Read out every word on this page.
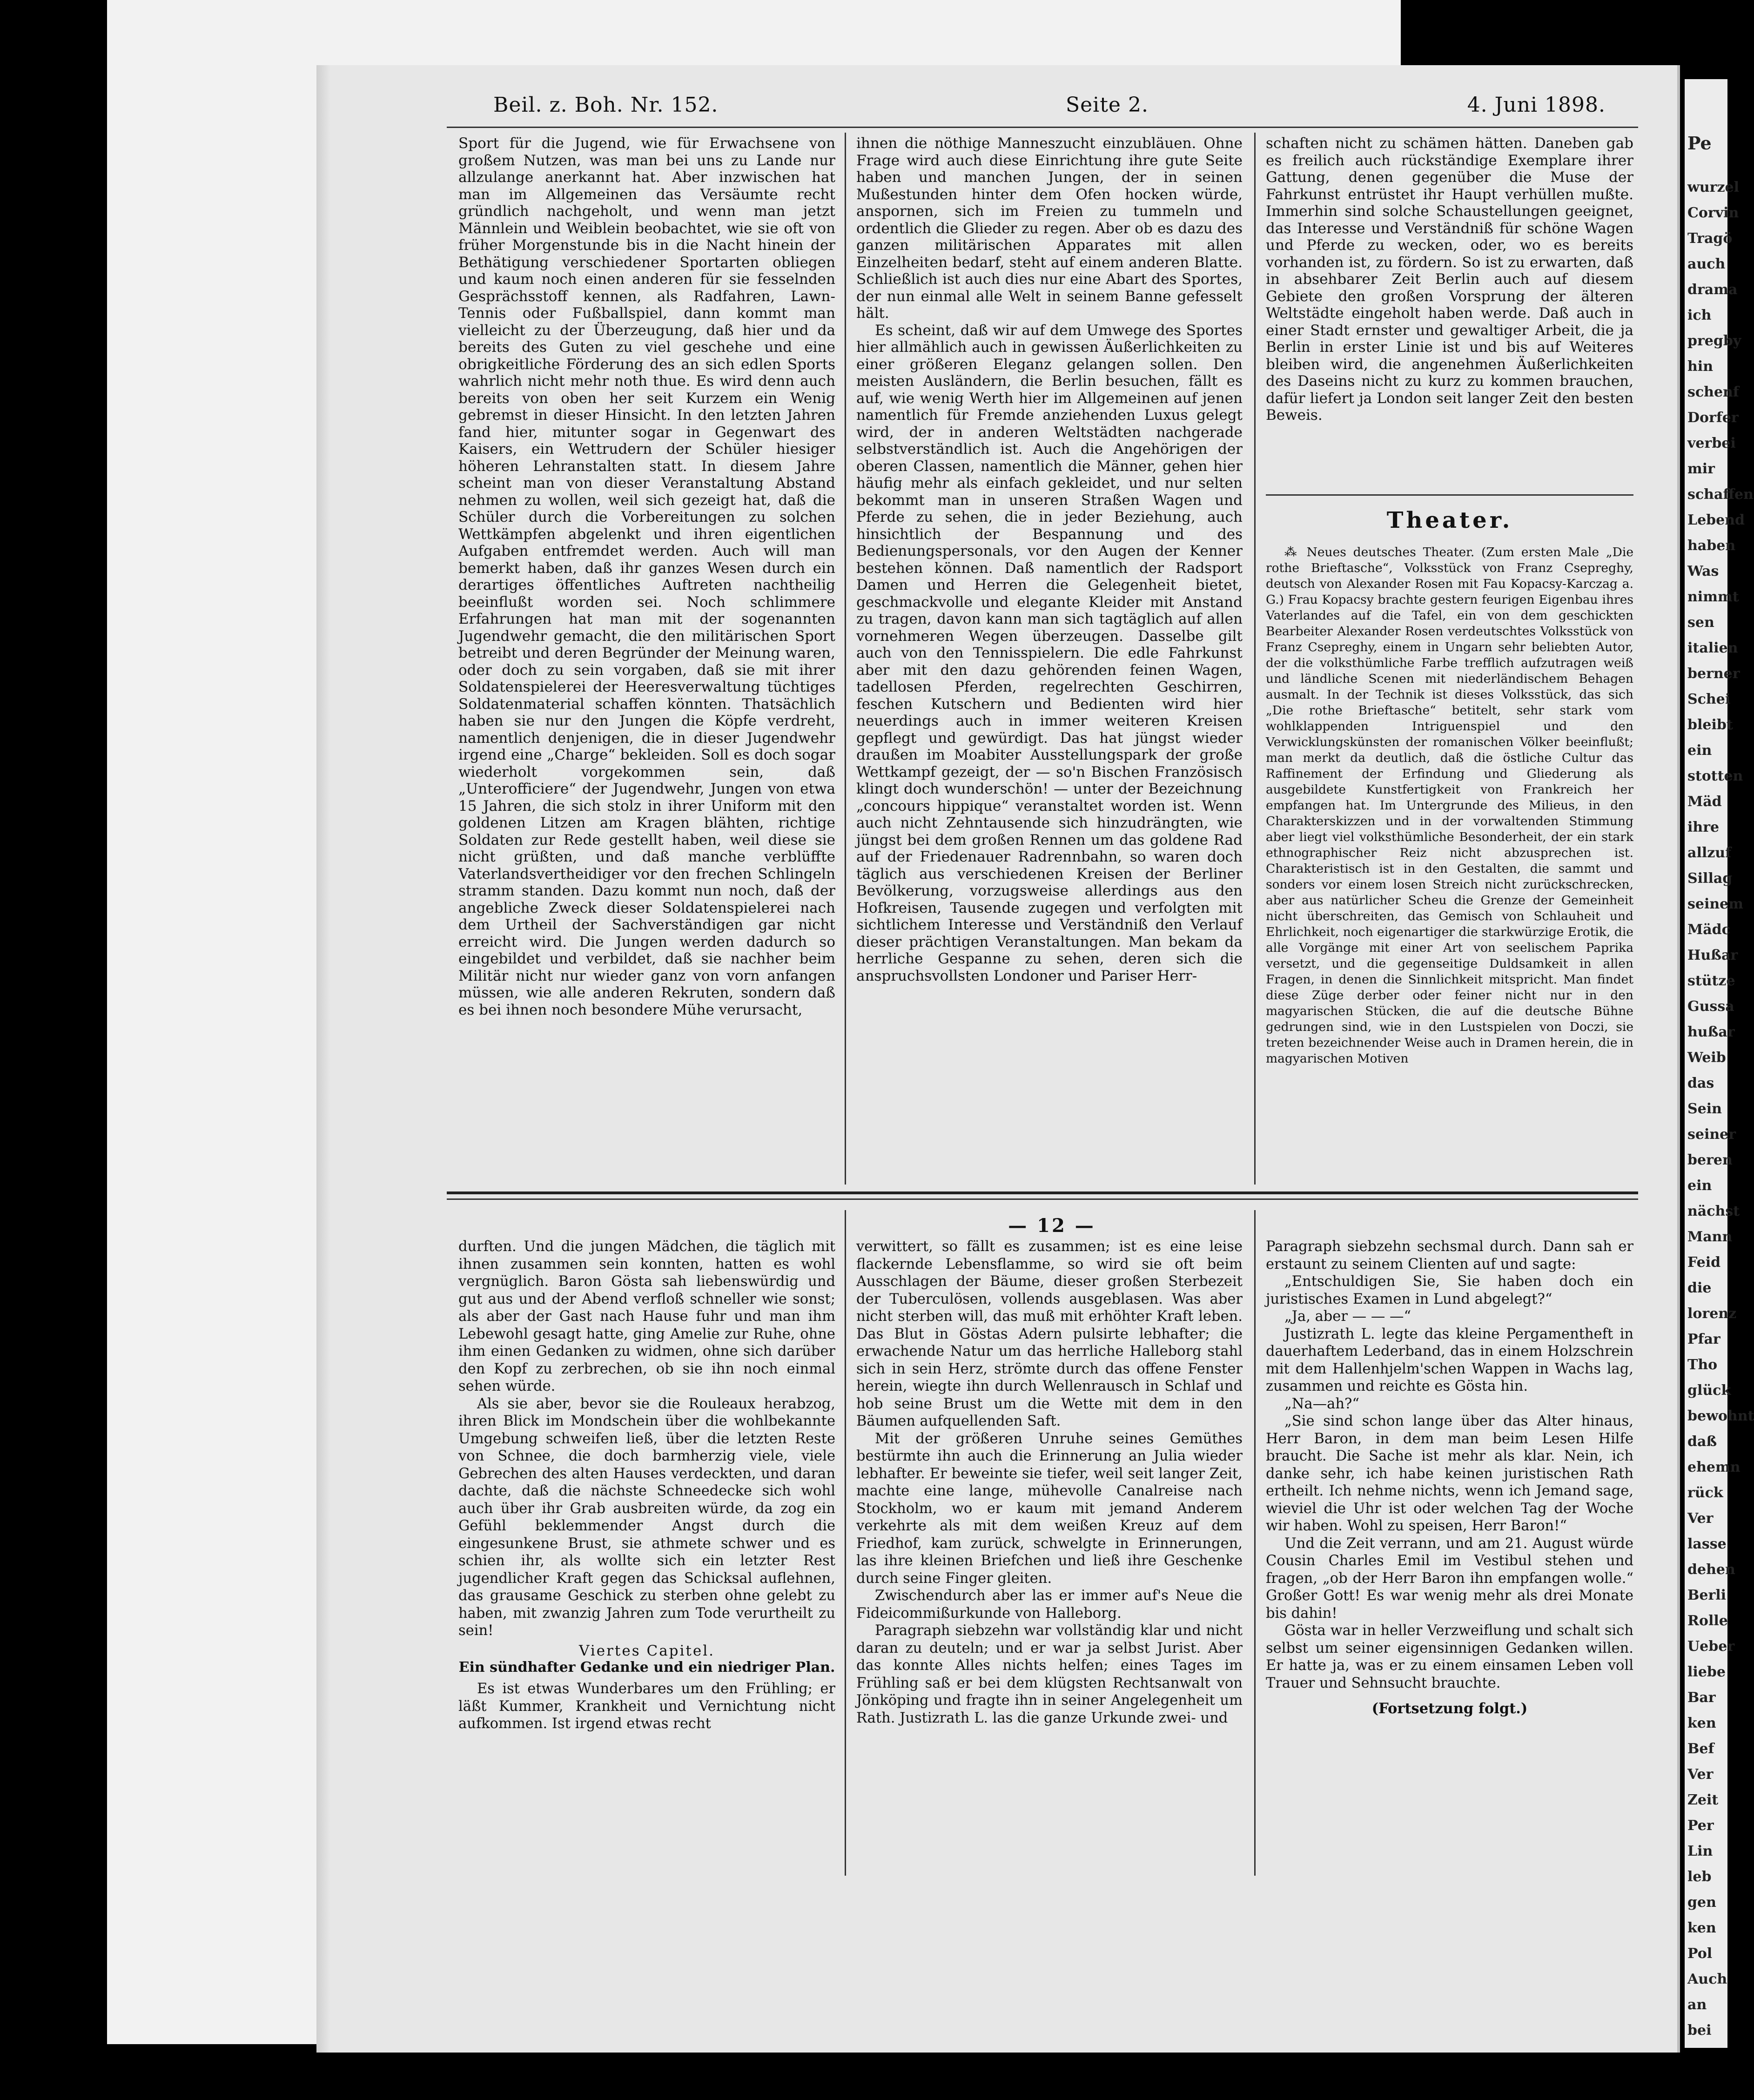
Pe
wurzel
Corvin
Tragö
auch
drama
ich
pregby
hin
schenf
Dorfer
verbei
mir
schaffen
Lebend
haben
Was
nimmt
sen
italien
berner
Schei
bleibt
ein
stotten
Mäd
ihre
allzuf
Sillag
seinem
Mädc
Hußar
stütze
Gussa
hußar
Weib
das
Sein
seiner
beren
ein
nächst
Mann
Feid
die
lorenz
Pfar
Tho
glück
bewohnt
daß
ehemn
rück
Ver
lasse
dehen
Berli
Rolle
Ueber
liebe
Bar
ken
Bef
Ver
Zeit
Per
Lin
leb
gen
ken
Pol
Auch
an
bei
Beil. z. Boh. Nr. 152.	Seite 2.	4. Juni 1898.

Sport für die Jugend, wie für Erwachsene von großem Nutzen, was man bei uns zu Lande nur allzulange anerkannt hat. Aber inzwischen hat man im Allgemeinen das Versäumte recht gründlich nachgeholt, und wenn man jetzt Männlein und Weiblein beobachtet, wie sie oft von früher Morgenstunde bis in die Nacht hinein der Bethätigung verschiedener Sportarten obliegen und kaum noch einen anderen für sie fesselnden Gesprächsstoff kennen, als Radfahren, Lawn-Tennis oder Fußballspiel, dann kommt man vielleicht zu der Überzeugung, daß hier und da bereits des Guten zu viel geschehe und eine obrigkeitliche Förderung des an sich edlen Sports wahrlich nicht mehr noth thue. Es wird denn auch bereits von oben her seit Kurzem ein Wenig gebremst in dieser Hinsicht. In den letzten Jahren fand hier, mitunter sogar in Gegenwart des Kaisers, ein Wettrudern der Schüler hiesiger höheren Lehranstalten statt. In diesem Jahre scheint man von dieser Veranstaltung Abstand nehmen zu wollen, weil sich gezeigt hat, daß die Schüler durch die Vorbereitungen zu solchen Wettkämpfen abgelenkt und ihren eigentlichen Aufgaben entfremdet werden. Auch will man bemerkt haben, daß ihr ganzes Wesen durch ein derartiges öffentliches Auftreten nachtheilig beeinflußt worden sei. Noch schlimmere Erfahrungen hat man mit der sogenannten Jugendwehr gemacht, die den militärischen Sport betreibt und deren Begründer der Meinung waren, oder doch zu sein vorgaben, daß sie mit ihrer Soldatenspielerei der Heeresverwaltung tüchtiges Soldatenmaterial schaffen könnten. Thatsächlich haben sie nur den Jungen die Köpfe verdreht, namentlich denjenigen, die in dieser Jugendwehr irgend eine „Charge“ bekleiden. Soll es doch sogar wiederholt vorgekommen sein, daß „Unterofficiere“ der Jugendwehr, Jungen von etwa 15 Jahren, die sich stolz in ihrer Uniform mit den goldenen Litzen am Kragen blähten, richtige Soldaten zur Rede gestellt haben, weil diese sie nicht grüßten, und daß manche verblüffte Vaterlandsvertheidiger vor den frechen Schlingeln stramm standen. Dazu kommt nun noch, daß der angebliche Zweck dieser Soldatenspielerei nach dem Urtheil der Sachverständigen gar nicht erreicht wird. Die Jungen werden dadurch so eingebildet und verbildet, daß sie nachher beim Militär nicht nur wieder ganz von vorn anfangen müssen, wie alle anderen Rekruten, sondern daß es bei ihnen noch besondere Mühe verursacht,

ihnen die nöthige Manneszucht einzubläuen. Ohne Frage wird auch diese Einrichtung ihre gute Seite haben und manchen Jungen, der in seinen Mußestunden hinter dem Ofen hocken würde, anspornen, sich im Freien zu tummeln und ordentlich die Glieder zu regen. Aber ob es dazu des ganzen militärischen Apparates mit allen Einzelheiten bedarf, steht auf einem anderen Blatte. Schließlich ist auch dies nur eine Abart des Sportes, der nun einmal alle Welt in seinem Banne gefesselt hält.

Es scheint, daß wir auf dem Umwege des Sportes hier allmählich auch in gewissen Äußerlichkeiten zu einer größeren Eleganz gelangen sollen. Den meisten Ausländern, die Berlin besuchen, fällt es auf, wie wenig Werth hier im Allgemeinen auf jenen namentlich für Fremde anziehenden Luxus gelegt wird, der in anderen Weltstädten nachgerade selbstverständlich ist. Auch die Angehörigen der oberen Classen, namentlich die Männer, gehen hier häufig mehr als einfach gekleidet, und nur selten bekommt man in unseren Straßen Wagen und Pferde zu sehen, die in jeder Beziehung, auch hinsichtlich der Bespannung und des Bedienungspersonals, vor den Augen der Kenner bestehen können. Daß namentlich der Radsport Damen und Herren die Gelegenheit bietet, geschmackvolle und elegante Kleider mit Anstand zu tragen, davon kann man sich tagtäglich auf allen vornehmeren Wegen überzeugen. Dasselbe gilt auch von den Tennisspielern. Die edle Fahrkunst aber mit den dazu gehörenden feinen Wagen, tadellosen Pferden, regelrechten Geschirren, feschen Kutschern und Bedienten wird hier neuerdings auch in immer weiteren Kreisen gepflegt und gewürdigt. Das hat jüngst wieder draußen im Moabiter Ausstellungspark der große Wettkampf gezeigt, der — so'n Bischen Französisch klingt doch wunderschön! — unter der Bezeichnung „concours hippique“ veranstaltet worden ist. Wenn auch nicht Zehntausende sich hinzudrängten, wie jüngst bei dem großen Rennen um das goldene Rad auf der Friedenauer Radrennbahn, so waren doch täglich aus verschiedenen Kreisen der Berliner Bevölkerung, vorzugsweise allerdings aus den Hofkreisen, Tausende zugegen und verfolgten mit sichtlichem Interesse und Verständniß den Verlauf dieser prächtigen Veranstaltungen. Man bekam da herrliche Gespanne zu sehen, deren sich die anspruchsvollsten Londoner und Pariser Herr-

schaften nicht zu schämen hätten. Daneben gab es freilich auch rückständige Exemplare ihrer Gattung, denen gegenüber die Muse der Fahrkunst entrüstet ihr Haupt verhüllen mußte. Immerhin sind solche Schaustellungen geeignet, das Interesse und Verständniß für schöne Wagen und Pferde zu wecken, oder, wo es bereits vorhanden ist, zu fördern. So ist zu erwarten, daß in absehbarer Zeit Berlin auch auf diesem Gebiete den großen Vorsprung der älteren Weltstädte eingeholt haben werde. Daß auch in einer Stadt ernster und gewaltiger Arbeit, die ja Berlin in erster Linie ist und bis auf Weiteres bleiben wird, die angenehmen Äußerlichkeiten des Daseins nicht zu kurz zu kommen brauchen, dafür liefert ja London seit langer Zeit den besten Beweis.

Theater.

⁂ Neues deutsches Theater. (Zum ersten Male „Die rothe Brieftasche“, Volksstück von Franz Csepreghy, deutsch von Alexander Rosen mit Fau Kopacsy-Karczag a. G.) Frau Kopacsy brachte gestern feurigen Eigenbau ihres Vaterlandes auf die Tafel, ein von dem geschickten Bearbeiter Alexander Rosen verdeutschtes Volksstück von Franz Csepreghy, einem in Ungarn sehr beliebten Autor, der die volksthümliche Farbe trefflich aufzutragen weiß und ländliche Scenen mit niederländischem Behagen ausmalt. In der Technik ist dieses Volksstück, das sich „Die rothe Brieftasche“ betitelt, sehr stark vom wohlklappenden Intriguenspiel und den Verwicklungskünsten der romanischen Völker beeinflußt; man merkt da deutlich, daß die östliche Cultur das Raffinement der Erfindung und Gliederung als ausgebildete Kunstfertigkeit von Frankreich her empfangen hat. Im Untergrunde des Milieus, in den Charakterskizzen und in der vorwaltenden Stimmung aber liegt viel volksthümliche Besonderheit, der ein stark ethnographischer Reiz nicht abzusprechen ist. Charakteristisch ist in den Gestalten, die sammt und sonders vor einem losen Streich nicht zurückschrecken, aber aus natürlicher Scheu die Grenze der Gemeinheit nicht überschreiten, das Gemisch von Schlauheit und Ehrlichkeit, noch eigenartiger die starkwürzige Erotik, die alle Vorgänge mit einer Art von seelischem Paprika versetzt, und die gegenseitige Duldsamkeit in allen Fragen, in denen die Sinnlichkeit mitspricht. Man findet diese Züge derber oder feiner nicht nur in den magyarischen Stücken, die auf die deutsche Bühne gedrungen sind, wie in den Lustspielen von Doczi, sie treten bezeichnender Weise auch in Dramen herein, die in magyarischen Motiven

— 12 —

durften. Und die jungen Mädchen, die täglich mit ihnen zusammen sein konnten, hatten es wohl vergnüglich. Baron Gösta sah liebenswürdig und gut aus und der Abend verfloß schneller wie sonst; als aber der Gast nach Hause fuhr und man ihm Lebewohl gesagt hatte, ging Amelie zur Ruhe, ohne ihm einen Gedanken zu widmen, ohne sich darüber den Kopf zu zerbrechen, ob sie ihn noch einmal sehen würde.

Als sie aber, bevor sie die Rouleaux herabzog, ihren Blick im Mondschein über die wohlbekannte Umgebung schweifen ließ, über die letzten Reste von Schnee, die doch barmherzig viele, viele Gebrechen des alten Hauses verdeckten, und daran dachte, daß die nächste Schneedecke sich wohl auch über ihr Grab ausbreiten würde, da zog ein Gefühl beklemmender Angst durch die eingesunkene Brust, sie athmete schwer und es schien ihr, als wollte sich ein letzter Rest jugendlicher Kraft gegen das Schicksal auflehnen, das grausame Geschick zu sterben ohne gelebt zu haben, mit zwanzig Jahren zum Tode verurtheilt zu sein!

Viertes Capitel.
Ein sündhafter Gedanke und ein niedriger Plan.

Es ist etwas Wunderbares um den Frühling; er läßt Kummer, Krankheit und Vernichtung nicht aufkommen. Ist irgend etwas recht

verwittert, so fällt es zusammen; ist es eine leise flackernde Lebensflamme, so wird sie oft beim Ausschlagen der Bäume, dieser großen Sterbezeit der Tuberculösen, vollends ausgeblasen. Was aber nicht sterben will, das muß mit erhöhter Kraft leben. Das Blut in Göstas Adern pulsirte lebhafter; die erwachende Natur um das herrliche Halleborg stahl sich in sein Herz, strömte durch das offene Fenster herein, wiegte ihn durch Wellenrausch in Schlaf und hob seine Brust um die Wette mit dem in den Bäumen aufquellenden Saft.

Mit der größeren Unruhe seines Gemüthes bestürmte ihn auch die Erinnerung an Julia wieder lebhafter. Er beweinte sie tiefer, weil seit langer Zeit, machte eine lange, mühevolle Canalreise nach Stockholm, wo er kaum mit jemand Anderem verkehrte als mit dem weißen Kreuz auf dem Friedhof, kam zurück, schwelgte in Erinnerungen, las ihre kleinen Briefchen und ließ ihre Geschenke durch seine Finger gleiten.

Zwischendurch aber las er immer auf's Neue die Fideicommißurkunde von Halleborg.

Paragraph siebzehn war vollständig klar und nicht daran zu deuteln; und er war ja selbst Jurist. Aber das konnte Alles nichts helfen; eines Tages im Frühling saß er bei dem klügsten Rechtsanwalt von Jönköping und fragte ihn in seiner Angelegenheit um Rath. Justizrath L. las die ganze Urkunde zwei- und

Paragraph siebzehn sechsmal durch. Dann sah er erstaunt zu seinem Clienten auf und sagte:

„Entschuldigen Sie, Sie haben doch ein juristisches Examen in Lund abgelegt?“

„Ja, aber — — —“

Justizrath L. legte das kleine Pergamentheft in dauerhaftem Lederband, das in einem Holzschrein mit dem Hallenhjelm'schen Wappen in Wachs lag, zusammen und reichte es Gösta hin.

„Na—ah?“

„Sie sind schon lange über das Alter hinaus, Herr Baron, in dem man beim Lesen Hilfe braucht. Die Sache ist mehr als klar. Nein, ich danke sehr, ich habe keinen juristischen Rath ertheilt. Ich nehme nichts, wenn ich Jemand sage, wieviel die Uhr ist oder welchen Tag der Woche wir haben. Wohl zu speisen, Herr Baron!“

Und die Zeit verrann, und am 21. August würde Cousin Charles Emil im Vestibul stehen und fragen, „ob der Herr Baron ihn empfangen wolle.“ Großer Gott! Es war wenig mehr als drei Monate bis dahin!

Gösta war in heller Verzweiflung und schalt sich selbst um seiner eigensinnigen Gedanken willen. Er hatte ja, was er zu einem einsamen Leben voll Trauer und Sehnsucht brauchte.

(Fortsetzung folgt.)
